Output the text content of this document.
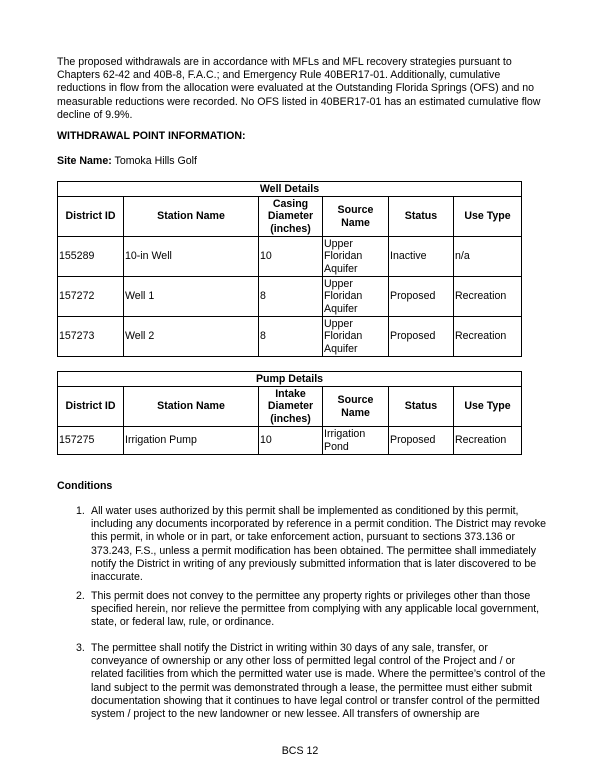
The proposed withdrawals are in accordance with MFLs and MFL recovery strategies pursuant to Chapters 62-42 and 40B-8, F.A.C.; and Emergency Rule 40BER17-01. Additionally, cumulative reductions in flow from the allocation were evaluated at the Outstanding Florida Springs (OFS) and no measurable reductions were recorded. No OFS listed in 40BER17-01 has an estimated cumulative flow decline of 9.9%.
WITHDRAWAL POINT INFORMATION:
Site Name: Tomoka Hills Golf
Well Details					
District ID	Station Name	Casing Diameter (inches)	Source Name	Status	Use Type
155289	10-in Well	10	Upper Floridan Aquifer	Inactive	n/a
157272	Well 1	8	Upper Floridan Aquifer	Proposed	Recreation
157273	Well 2	8	Upper Floridan Aquifer	Proposed	Recreation
Pump Details					
District ID	Station Name	Intake Diameter (inches)	Source Name	Status	Use Type
157275	Irrigation Pump	10	Irrigation Pond	Proposed	Recreation
Conditions
1. All water uses authorized by this permit shall be implemented as conditioned by this permit, including any documents incorporated by reference in a permit condition. The District may revoke this permit, in whole or in part, or take enforcement action, pursuant to sections 373.136 or 373.243, F.S., unless a permit modification has been obtained. The permittee shall immediately notify the District in writing of any previously submitted information that is later discovered to be inaccurate.
2. This permit does not convey to the permittee any property rights or privileges other than those specified herein, nor relieve the permittee from complying with any applicable local government, state, or federal law, rule, or ordinance.
3. The permittee shall notify the District in writing within 30 days of any sale, transfer, or conveyance of ownership or any other loss of permitted legal control of the Project and / or related facilities from which the permitted water use is made. Where the permittee’s control of the land subject to the permit was demonstrated through a lease, the permittee must either submit documentation showing that it continues to have legal control or transfer control of the permitted system / project to the new landowner or new lessee. All transfers of ownership are
BCS 12
